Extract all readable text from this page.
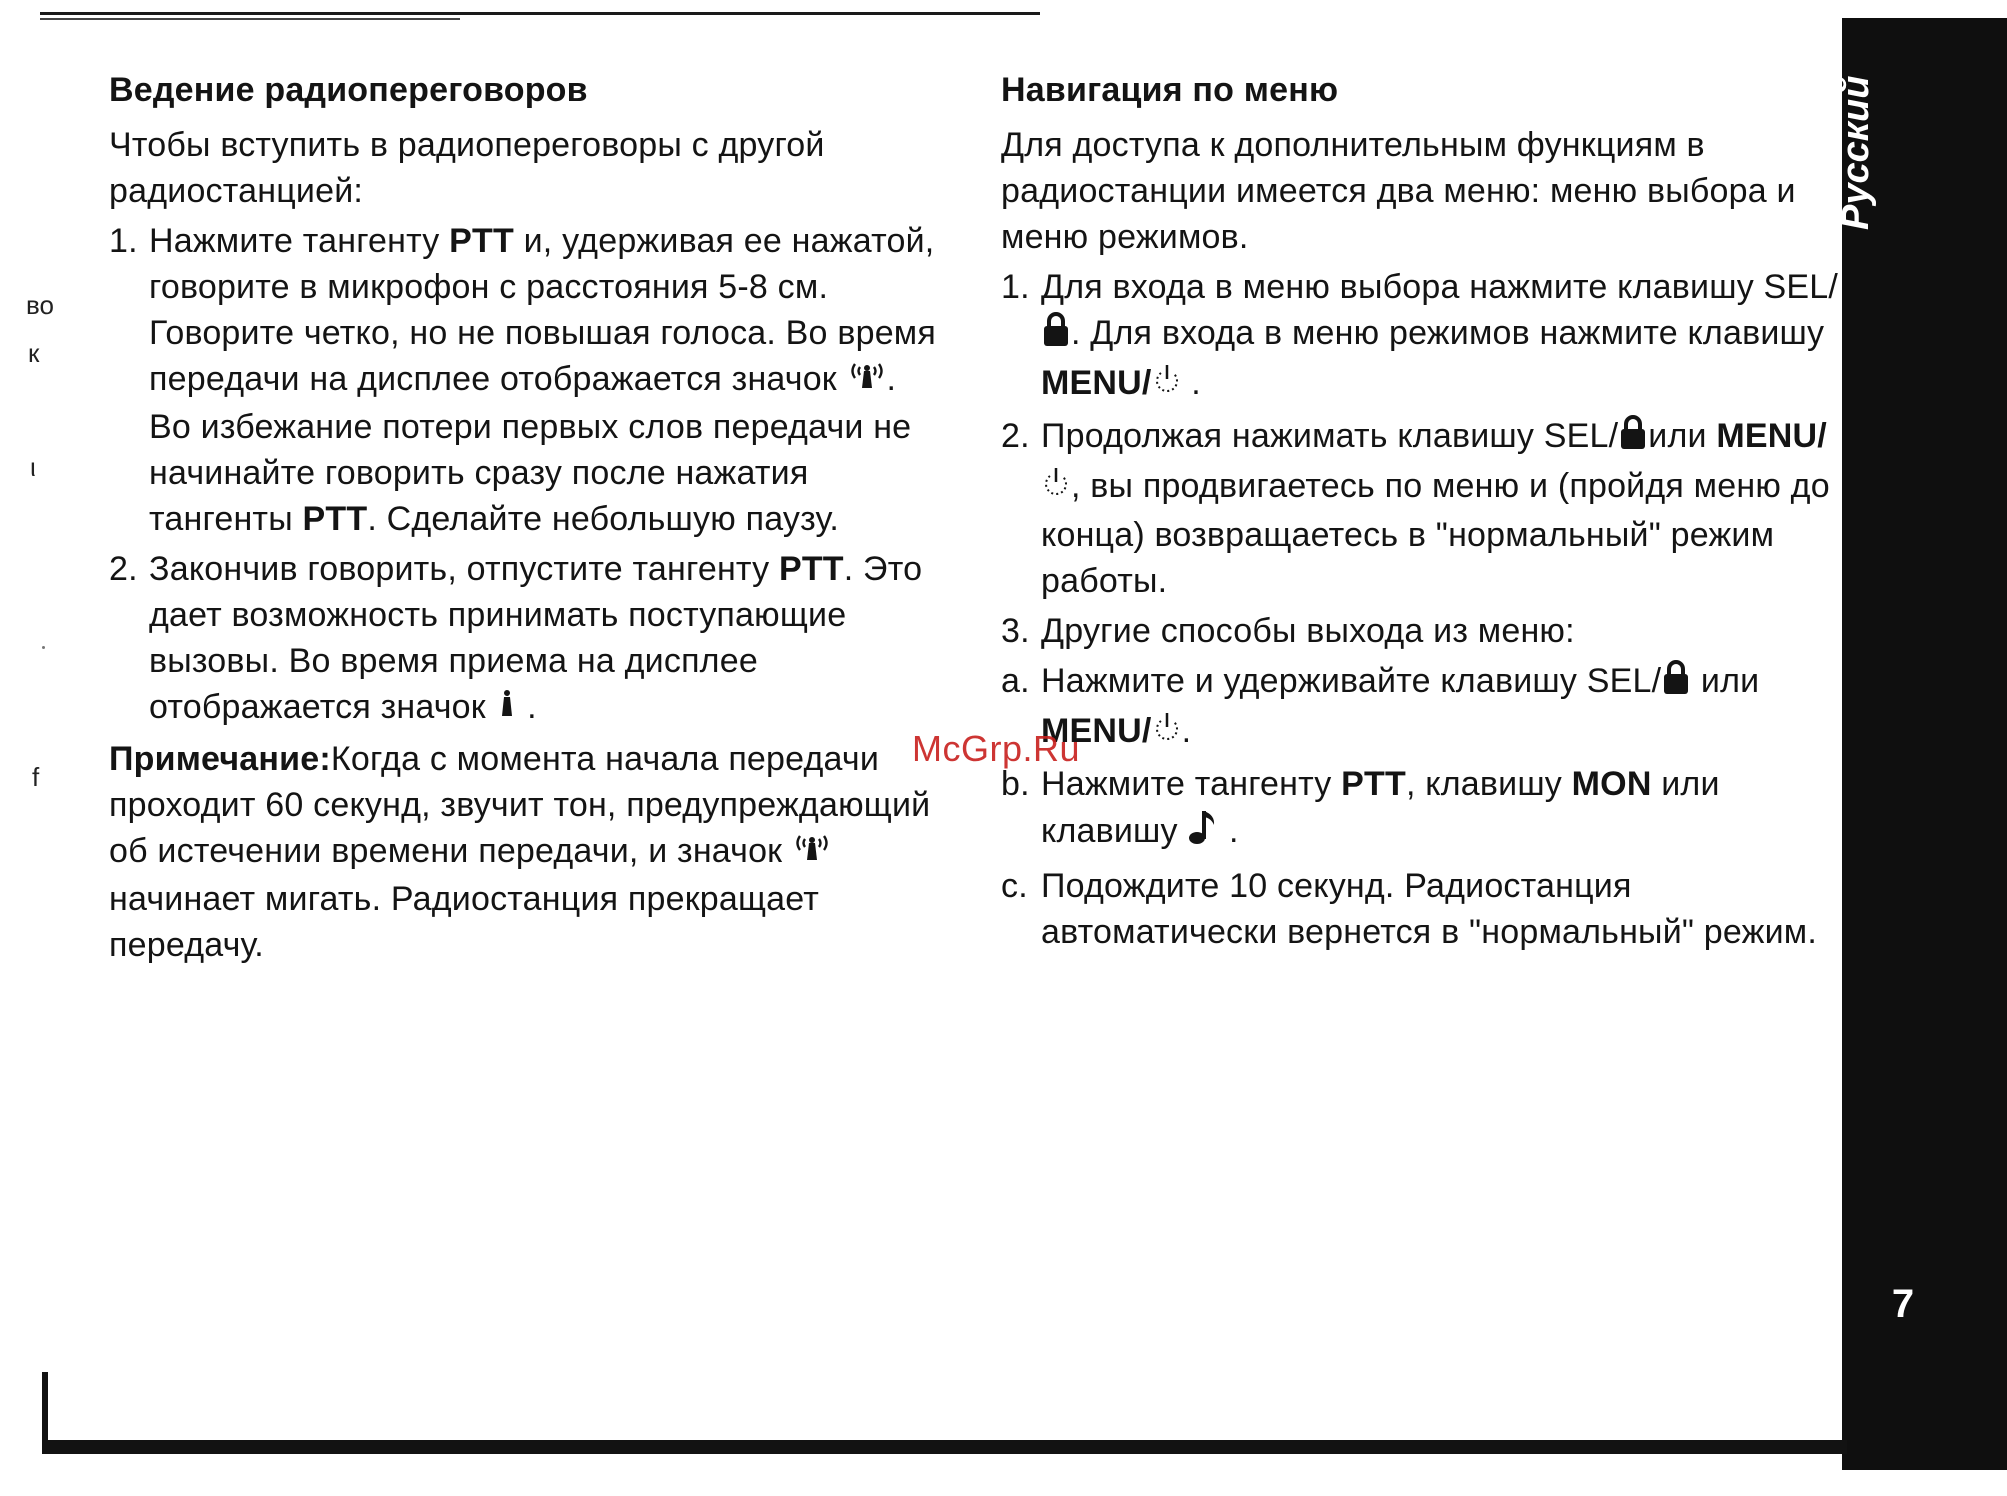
во
к
ι
f
Ведение радиопереговоров

Чтобы вступить в радиопереговоры с другой радиостанцией:

1. Нажмите тангенту PTT и, удерживая ее нажатой, говорите в микрофон с расстояния 5-8 см. Говорите четко, но не повышая голоса. Во время передачи на дисплее отображается значок . Во избежание потери первых слов передачи не начинайте говорить сразу после нажатия тангенты PTT. Сделайте небольшую паузу.
2. Закончив говорить, отпустите тангенту PTT. Это дает возможность принимать поступающие вызовы. Во время приема на дисплее отображается значок  .

Примечание:Когда с момента начала передачи проходит 60 секунд, звучит тон, предупреждающий об истечении времени передачи, и значок начинает мигать. Радиостанция прекращает передачу.

Навигация по меню

Для доступа к дополнительным функциям в радиостанции имеется два меню: меню выбора и меню режимов.

1. Для входа в меню выбора нажмите клавишу SEL/. Для входа в меню режимов нажмите клавишу MENU/ .
2. Продолжая нажимать клавишу SEL/ или MENU/, вы продвигаетесь по меню и (пройдя меню до конца) возвращаетесь в "нормальный" режим работы.
3. Другие способы выхода из меню:
a. Нажмите и удерживайте клавишу SEL/ или MENU/ .
b. Нажмите тангенту PTT, клавишу MON или клавишу  .
c. Подождите 10 секунд. Радиостанция автоматически вернется в "нормальный" режим.
McGrp.Ru
Русский
7
